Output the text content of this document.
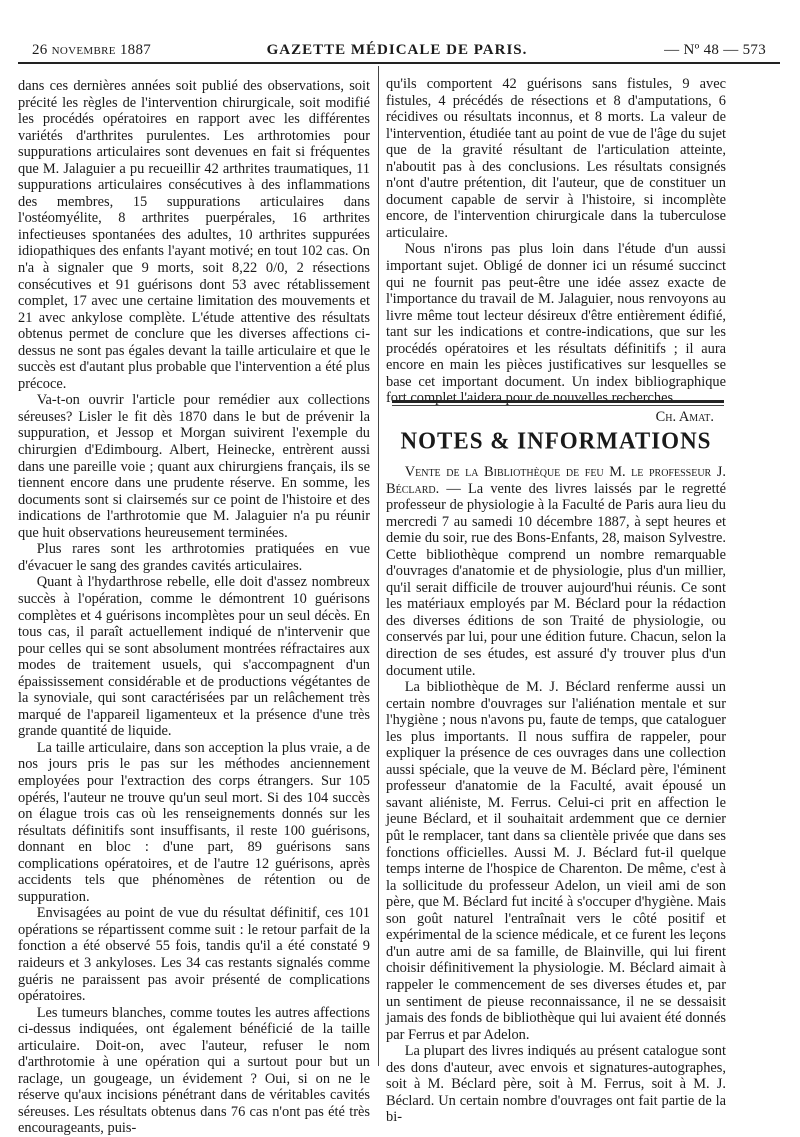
26 novembre 1887	GAZETTE MÉDICALE DE PARIS.	— Nº 48 — 573

dans ces dernières années soit publié des observations, soit précité les règles de l'intervention chirurgicale, soit modifié les procédés opératoires en rapport avec les différentes variétés d'arthrites purulentes. Les arthrotomies pour suppurations articulaires sont devenues en fait si fréquentes que M. Jalaguier a pu recueillir 42 arthrites traumatiques, 11 suppurations articulaires consécutives à des inflammations des membres, 15 suppurations articulaires dans l'ostéomyélite, 8 arthrites puerpérales, 16 arthrites infectieuses spontanées des adultes, 10 arthrites suppurées idiopathiques des enfants l'ayant motivé; en tout 102 cas. On n'a à signaler que 9 morts, soit 8,22 0/0, 2 résections consécutives et 91 guérisons dont 53 avec rétablissement complet, 17 avec une certaine limitation des mouvements et 21 avec ankylose complète. L'étude attentive des résultats obtenus permet de conclure que les diverses affections ci-dessus ne sont pas égales devant la taille articulaire et que le succès est d'autant plus probable que l'intervention a été plus précoce.

Va-t-on ouvrir l'article pour remédier aux collections séreuses? Lisler le fit dès 1870 dans le but de prévenir la suppuration, et Jessop et Morgan suivirent l'exemple du chirurgien d'Edimbourg. Albert, Heinecke, entrèrent aussi dans une pareille voie ; quant aux chirurgiens français, ils se tiennent encore dans une prudente réserve. En somme, les documents sont si clairsemés sur ce point de l'histoire et des indications de l'arthrotomie que M. Jalaguier n'a pu réunir que huit observations heureusement terminées.

Plus rares sont les arthrotomies pratiquées en vue d'évacuer le sang des grandes cavités articulaires.

Quant à l'hydarthrose rebelle, elle doit d'assez nombreux succès à l'opération, comme le démontrent 10 guérisons complètes et 4 guérisons incomplètes pour un seul décès. En tous cas, il paraît actuellement indiqué de n'intervenir que pour celles qui se sont absolument montrées réfractaires aux modes de traitement usuels, qui s'accompagnent d'un épaississement considérable et de productions végétantes de la synoviale, qui sont caractérisées par un relâchement très marqué de l'appareil ligamenteux et la présence d'une très grande quantité de liquide.

La taille articulaire, dans son acception la plus vraie, a de nos jours pris le pas sur les méthodes anciennement employées pour l'extraction des corps étrangers. Sur 105 opérés, l'auteur ne trouve qu'un seul mort. Si des 104 succès on élague trois cas où les renseignements donnés sur les résultats définitifs sont insuffisants, il reste 100 guérisons, donnant en bloc : d'une part, 89 guérisons sans complications opératoires, et de l'autre 12 guérisons, après accidents tels que phénomènes de rétention ou de suppuration.

Envisagées au point de vue du résultat définitif, ces 101 opérations se répartissent comme suit : le retour parfait de la fonction a été observé 55 fois, tandis qu'il a été constaté 9 raideurs et 3 ankyloses. Les 34 cas restants signalés comme guéris ne paraissent pas avoir présenté de complications opératoires.

Les tumeurs blanches, comme toutes les autres affections ci-dessus indiquées, ont également bénéficié de la taille articulaire. Doit-on, avec l'auteur, refuser le nom d'arthrotomie à une opération qui a surtout pour but un raclage, un gougeage, un évidement ? Oui, si on ne le réserve qu'aux incisions pénétrant dans de véritables cavités séreuses. Les résultats obtenus dans 76 cas n'ont pas été très encourageants, puis-

qu'ils comportent 42 guérisons sans fistules, 9 avec fistules, 4 précédés de résections et 8 d'amputations, 6 récidives ou résultats inconnus, et 8 morts. La valeur de l'intervention, étudiée tant au point de vue de l'âge du sujet que de la gravité résultant de l'articulation atteinte, n'aboutit pas à des conclusions. Les résultats consignés n'ont d'autre prétention, dit l'auteur, que de constituer un document capable de servir à l'histoire, si incomplète encore, de l'intervention chirurgicale dans la tuberculose articulaire.

Nous n'irons pas plus loin dans l'étude d'un aussi important sujet. Obligé de donner ici un résumé succinct qui ne fournit pas peut-être une idée assez exacte de l'importance du travail de M. Jalaguier, nous renvoyons au livre même tout lecteur désireux d'être entièrement édifié, tant sur les indications et contre-indications, que sur les procédés opératoires et les résultats définitifs ; il aura encore en main les pièces justificatives sur lesquelles se base cet important document. Un index bibliographique fort complet l'aidera pour de nouvelles recherches.

Ch. Amat.
NOTES & INFORMATIONS

Vente de la Bibliothèque de feu M. le professeur J. Béclard. — La vente des livres laissés par le regretté professeur de physiologie à la Faculté de Paris aura lieu du mercredi 7 au samedi 10 décembre 1887, à sept heures et demie du soir, rue des Bons-Enfants, 28, maison Sylvestre. Cette bibliothèque comprend un nombre remarquable d'ouvrages d'anatomie et de physiologie, plus d'un millier, qu'il serait difficile de trouver aujourd'hui réunis. Ce sont les matériaux employés par M. Béclard pour la rédaction des diverses éditions de son Traité de physiologie, ou conservés par lui, pour une édition future. Chacun, selon la direction de ses études, est assuré d'y trouver plus d'un document utile.

La bibliothèque de M. J. Béclard renferme aussi un certain nombre d'ouvrages sur l'aliénation mentale et sur l'hygiène ; nous n'avons pu, faute de temps, que cataloguer les plus importants. Il nous suffira de rappeler, pour expliquer la présence de ces ouvrages dans une collection aussi spéciale, que la veuve de M. Béclard père, l'éminent professeur d'anatomie de la Faculté, avait épousé un savant aliéniste, M. Ferrus. Celui-ci prit en affection le jeune Béclard, et il souhaitait ardemment que ce dernier pût le remplacer, tant dans sa clientèle privée que dans ses fonctions officielles. Aussi M. J. Béclard fut-il quelque temps interne de l'hospice de Charenton. De même, c'est à la sollicitude du professeur Adelon, un vieil ami de son père, que M. Béclard fut incité à s'occuper d'hygiène. Mais son goût naturel l'entraînait vers le côté positif et expérimental de la science médicale, et ce furent les leçons d'un autre ami de sa famille, de Blainville, qui lui firent choisir définitivement la physiologie. M. Béclard aimait à rappeler le commencement de ses diverses études et, par un sentiment de pieuse reconnaissance, il ne se dessaisit jamais des fonds de bibliothèque qui lui avaient été donnés par Ferrus et par Adelon.

La plupart des livres indiqués au présent catalogue sont des dons d'auteur, avec envois et signatures-autographes, soit à M. Béclard père, soit à M. Ferrus, soit à M. J. Béclard. Un certain nombre d'ouvrages ont fait partie de la bi-
